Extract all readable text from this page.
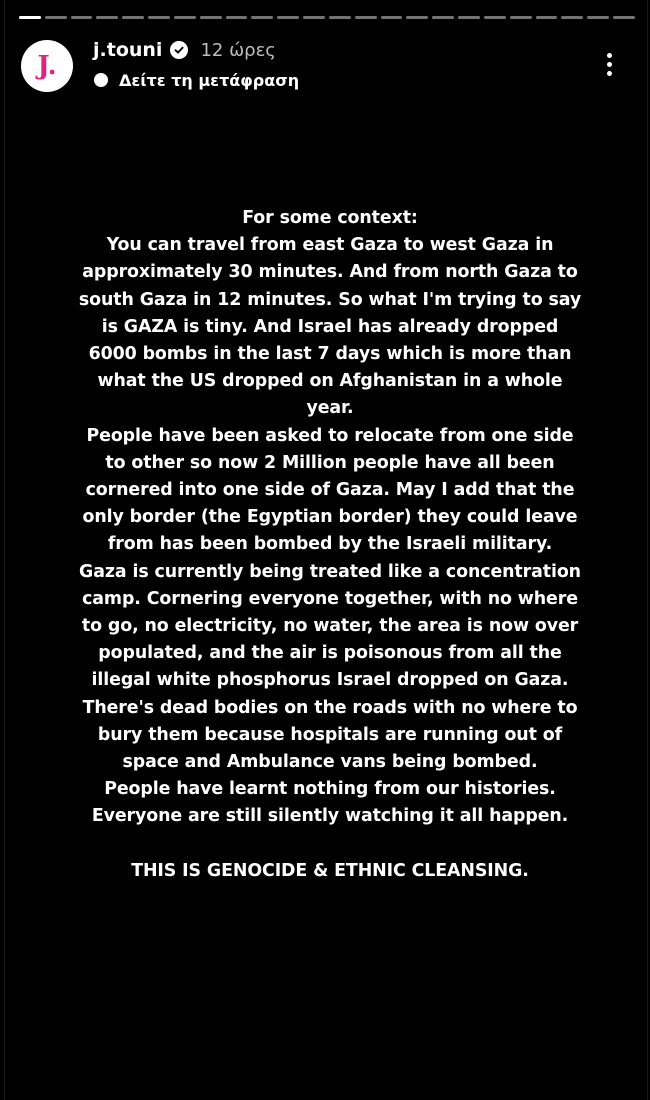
J.
j.touni 12 ώρες
Δείτε τη μετάφραση

For some context:

You can travel from east Gaza to west Gaza in approximately 30 minutes. And from north Gaza to south Gaza in 12 minutes. So what I'm trying to say is GAZA is tiny. And Israel has already dropped 6000 bombs in the last 7 days which is more than what the US dropped on Afghanistan in a whole year.

People have been asked to relocate from one side to other so now 2 Million people have all been cornered into one side of Gaza. May I add that the only border (the Egyptian border) they could leave from has been bombed by the Israeli military.

Gaza is currently being treated like a concentration camp. Cornering everyone together, with no where to go, no electricity, no water, the area is now over populated, and the air is poisonous from all the illegal white phosphorus Israel dropped on Gaza. There's dead bodies on the roads with no where to bury them because hospitals are running out of space and Ambulance vans being bombed.

People have learnt nothing from our histories. Everyone are still silently watching it all happen.

THIS IS GENOCIDE & ETHNIC CLEANSING.
